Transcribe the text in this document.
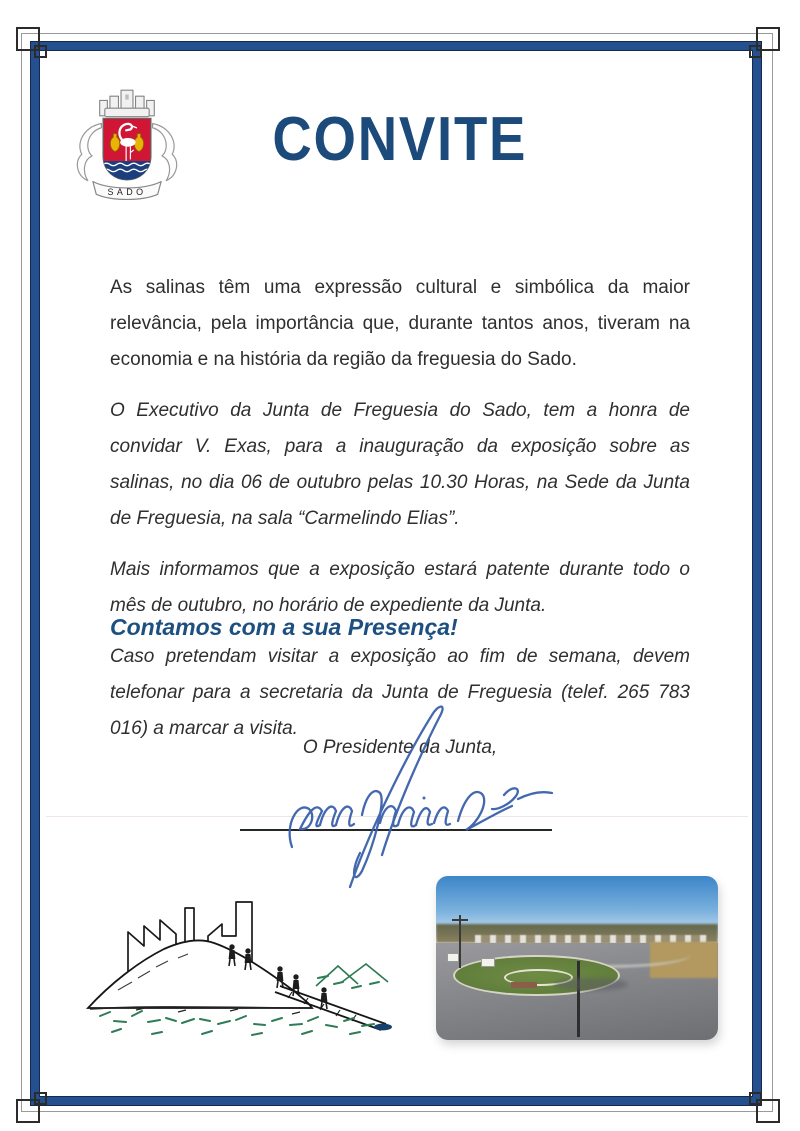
SADO
CONVITE

As salinas têm uma expressão cultural e simbólica da maior relevância, pela importância que, durante tantos anos, tiveram na economia e na história da região da freguesia do Sado.

O Executivo da Junta de Freguesia do Sado, tem a honra de convidar V. Exas, para a inauguração da exposição sobre as salinas, no dia 06 de outubro pelas 10.30 Horas, na Sede da Junta de Freguesia, na sala “Carmelindo Elias”.

Mais informamos que a exposição estará patente durante todo o mês de outubro, no horário de expediente da Junta.

Caso pretendam visitar a exposição ao fim de semana, devem telefonar para a secretaria da Junta de Freguesia (telef. 265 783 016) a marcar a visita.

Contamos com a sua Presença!
O Presidente da Junta,
